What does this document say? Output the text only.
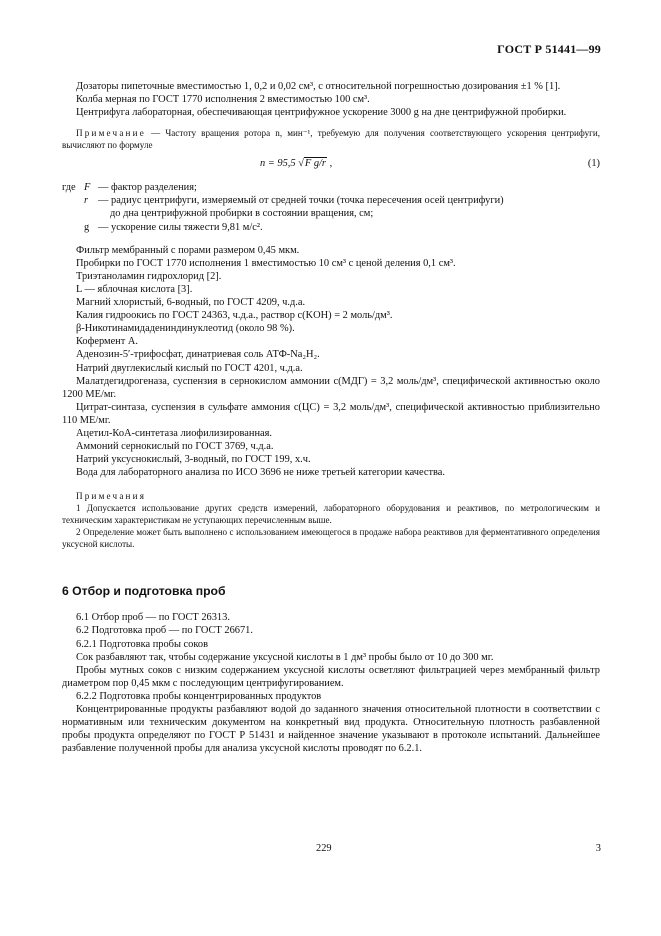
ГОСТ Р 51441—99

Дозаторы пипеточные вместимостью 1, 0,2 и 0,02 см³, с относительной погрешностью дозирования ±1 % [1].

Колба мерная по ГОСТ 1770 исполнения 2 вместимостью 100 см³.

Центрифуга лабораторная, обеспечивающая центрифужное ускорение 3000 g на дне центрифужной пробирки.

Примечание — Частоту вращения ротора n, мин⁻¹, требуемую для получения соответствующего ускорения центрифуги, вычисляют по формуле

n = 95,5 √F g/r ,	(1)
где F — фактор разделения;
r — радиус центрифуги, измеряемый от средней точки (точка пересечения осей центрифуги)
до дна центрифужной пробирки в состоянии вращения, см;
g — ускорение силы тяжести 9,81 м/с².

Фильтр мембранный с порами размером 0,45 мкм.

Пробирки по ГОСТ 1770 исполнения 1 вместимостью 10 см³ с ценой деления 0,1 см³.

Триэтаноламин гидрохлорид [2].

L — яблочная кислота [3].

Магний хлористый, 6-водный, по ГОСТ 4209, ч.д.а.

Калия гидроокись по ГОСТ 24363, ч.д.а., раствор c(KOH) = 2 моль/дм³.

β-Никотинамидадениндинуклеотид (около 98 %).

Кофермент А.

Аденозин-5′-трифосфат, динатриевая соль АТФ-Na₂H₂.

Натрий двуглекислый кислый по ГОСТ 4201, ч.д.а.

Малатдегидрогеназа, суспензия в сернокислом аммонии c(МДГ) = 3,2 моль/дм³, специфической активностью около 1200 МЕ/мг.

Цитрат-синтаза, суспензия в сульфате аммония c(ЦС) = 3,2 моль/дм³, специфической активностью приблизительно 110 МЕ/мг.

Ацетил-КоА-синтетаза лиофилизированная.

Аммоний сернокислый по ГОСТ 3769, ч.д.а.

Натрий уксуснокислый, 3-водный, по ГОСТ 199, х.ч.

Вода для лабораторного анализа по ИСО 3696 не ниже третьей категории качества.

Примечания

1 Допускается использование других средств измерений, лабораторного оборудования и реактивов, по метрологическим и техническим характеристикам не уступающих перечисленным выше.

2 Определение может быть выполнено с использованием имеющегося в продаже набора реактивов для ферментативного определения уксусной кислоты.

6 Отбор и подготовка проб

6.1 Отбор проб — по ГОСТ 26313.

6.2 Подготовка проб — по ГОСТ 26671.

6.2.1 Подготовка пробы соков

Сок разбавляют так, чтобы содержание уксусной кислоты в 1 дм³ пробы было от 10 до 300 мг.

Пробы мутных соков с низким содержанием уксусной кислоты осветляют фильтрацией через мембранный фильтр диаметром пор 0,45 мкм с последующим центрифугированием.

6.2.2 Подготовка пробы концентрированных продуктов

Концентрированные продукты разбавляют водой до заданного значения относительной плотности в соответствии с нормативным или техническим документом на конкретный вид продукта. Относительную плотность разбавленной пробы продукта определяют по ГОСТ Р 51431 и найденное значение указывают в протоколе испытаний. Дальнейшее разбавление полученной пробы для анализа уксусной кислоты проводят по 6.2.1.

229	3
